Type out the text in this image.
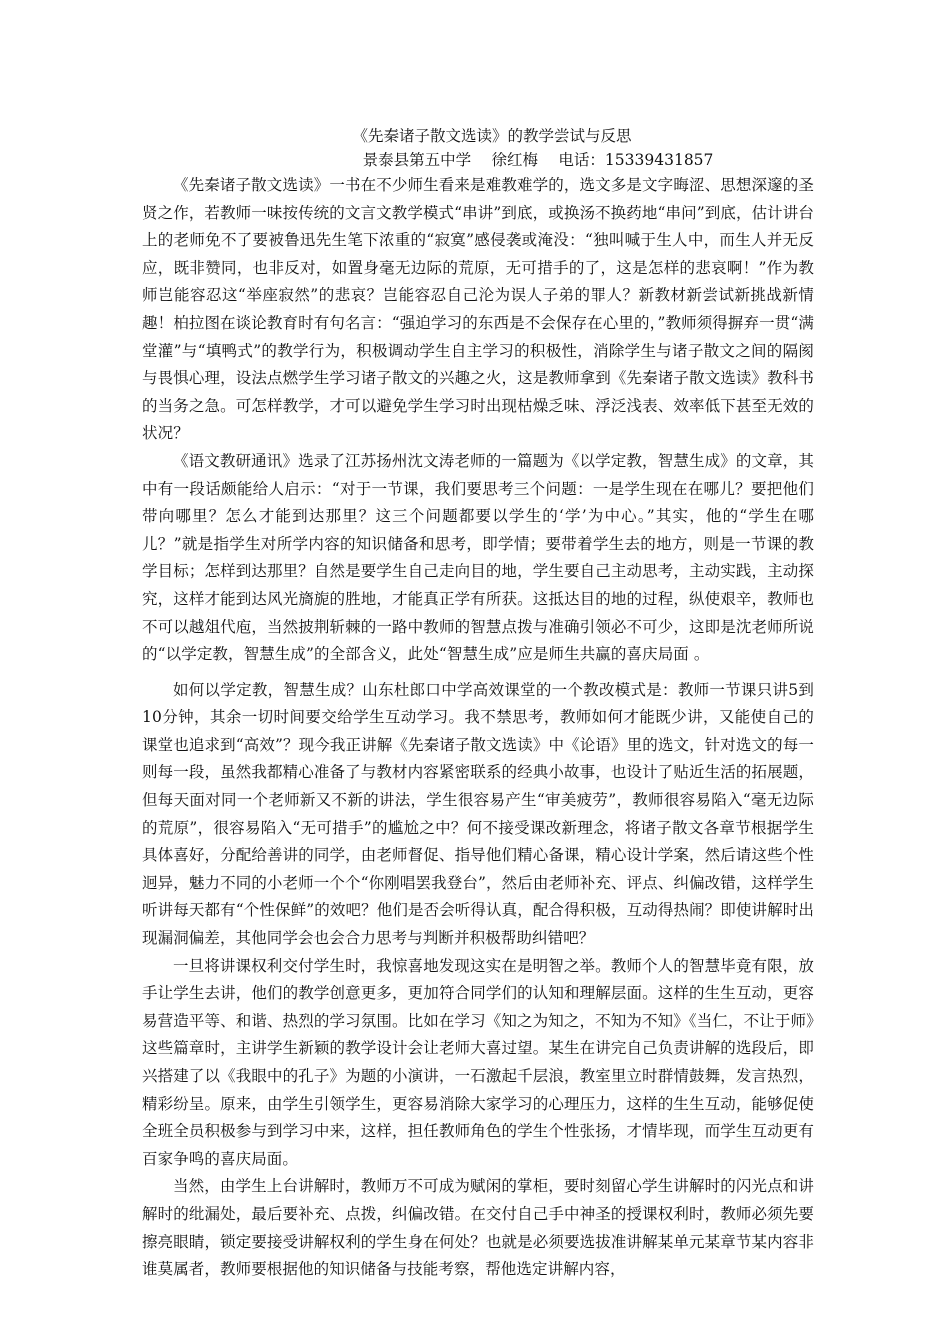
《先秦诸子散文选读》的教学尝试与反思

景泰县第五中学　 徐红梅　 电话：15339431857

《先秦诸子散文选读》一书在不少师生看来是难教难学的，选文多是文字晦涩、思想深邃的圣贤之作，若教师一味按传统的文言文教学模式“串讲”到底，或换汤不换药地“串问”到底，估计讲台上的老师免不了要被鲁迅先生笔下浓重的“寂寞”感侵袭或淹没：“独叫喊于生人中，而生人并无反应，既非赞同，也非反对，如置身毫无边际的荒原，无可措手的了，这是怎样的悲哀啊！”作为教师岂能容忍这“举座寂然”的悲哀？岂能容忍自己沦为误人子弟的罪人？新教材新尝试新挑战新情趣！柏拉图在谈论教育时有句名言：“强迫学习的东西是不会保存在心里的，”教师须得摒弃一贯“满堂灌”与“填鸭式”的教学行为，积极调动学生自主学习的积极性，消除学生与诸子散文之间的隔阂与畏惧心理，设法点燃学生学习诸子散文的兴趣之火，这是教师拿到《先秦诸子散文选读》教科书的当务之急。可怎样教学，才可以避免学生学习时出现枯燥乏味、浮泛浅表、效率低下甚至无效的状况？

《语文教研通讯》选录了江苏扬州沈文涛老师的一篇题为《以学定教，智慧生成》的文章，其中有一段话颇能给人启示：“对于一节课，我们要思考三个问题：一是学生现在在哪儿？要把他们带向哪里？怎么才能到达那里？这三个问题都要以学生的‘学’为中心。”其实，他的“学生在哪儿？”就是指学生对所学内容的知识储备和思考，即学情；要带着学生去的地方，则是一节课的教学目标；怎样到达那里？自然是要学生自己走向目的地，学生要自己主动思考，主动实践，主动探究，这样才能到达风光旖旎的胜地，才能真正学有所获。这抵达目的地的过程，纵使艰辛，教师也不可以越俎代庖，当然披荆斩棘的一路中教师的智慧点拨与准确引领必不可少，这即是沈老师所说的“以学定教，智慧生成”的全部含义，此处“智慧生成”应是师生共赢的喜庆局面 。

如何以学定教，智慧生成？山东杜郎口中学高效课堂的一个教改模式是：教师一节课只讲5到10分钟，其余一切时间要交给学生互动学习。我不禁思考，教师如何才能既少讲，又能使自己的课堂也追求到“高效”？现今我正讲解《先秦诸子散文选读》中《论语》里的选文，针对选文的每一则每一段，虽然我都精心准备了与教材内容紧密联系的经典小故事，也设计了贴近生活的拓展题，但每天面对同一个老师新又不新的讲法，学生很容易产生“审美疲劳”，教师很容易陷入“毫无边际的荒原”，很容易陷入“无可措手”的尴尬之中？何不接受课改新理念，将诸子散文各章节根据学生具体喜好，分配给善讲的同学，由老师督促、指导他们精心备课，精心设计学案，然后请这些个性迥异，魅力不同的小老师一个个“你刚唱罢我登台”，然后由老师补充、评点、纠偏改错，这样学生听讲每天都有“个性保鲜”的效吧？他们是否会听得认真，配合得积极，互动得热闹？即使讲解时出现漏洞偏差，其他同学会也会合力思考与判断并积极帮助纠错吧？

一旦将讲课权利交付学生时，我惊喜地发现这实在是明智之举。教师个人的智慧毕竟有限，放手让学生去讲，他们的教学创意更多，更加符合同学们的认知和理解层面。这样的生生互动，更容易营造平等、和谐、热烈的学习氛围。比如在学习《知之为知之，不知为不知》《当仁，不让于师》这些篇章时，主讲学生新颖的教学设计会让老师大喜过望。某生在讲完自己负责讲解的选段后，即兴搭建了以《我眼中的孔子》为题的小演讲，一石激起千层浪，教室里立时群情鼓舞，发言热烈，精彩纷呈。原来，由学生引领学生，更容易消除大家学习的心理压力，这样的生生互动，能够促使全班全员积极参与到学习中来，这样，担任教师角色的学生个性张扬，才情毕现，而学生互动更有百家争鸣的喜庆局面。

当然，由学生上台讲解时，教师万不可成为赋闲的掌柜，要时刻留心学生讲解时的闪光点和讲解时的纰漏处，最后要补充、点拨，纠偏改错。在交付自己手中神圣的授课权利时，教师必须先要擦亮眼睛，锁定要接受讲解权利的学生身在何处？也就是必须要选拔准讲解某单元某章节某内容非谁莫属者，教师要根据他的知识储备与技能考察，帮他选定讲解内容，
